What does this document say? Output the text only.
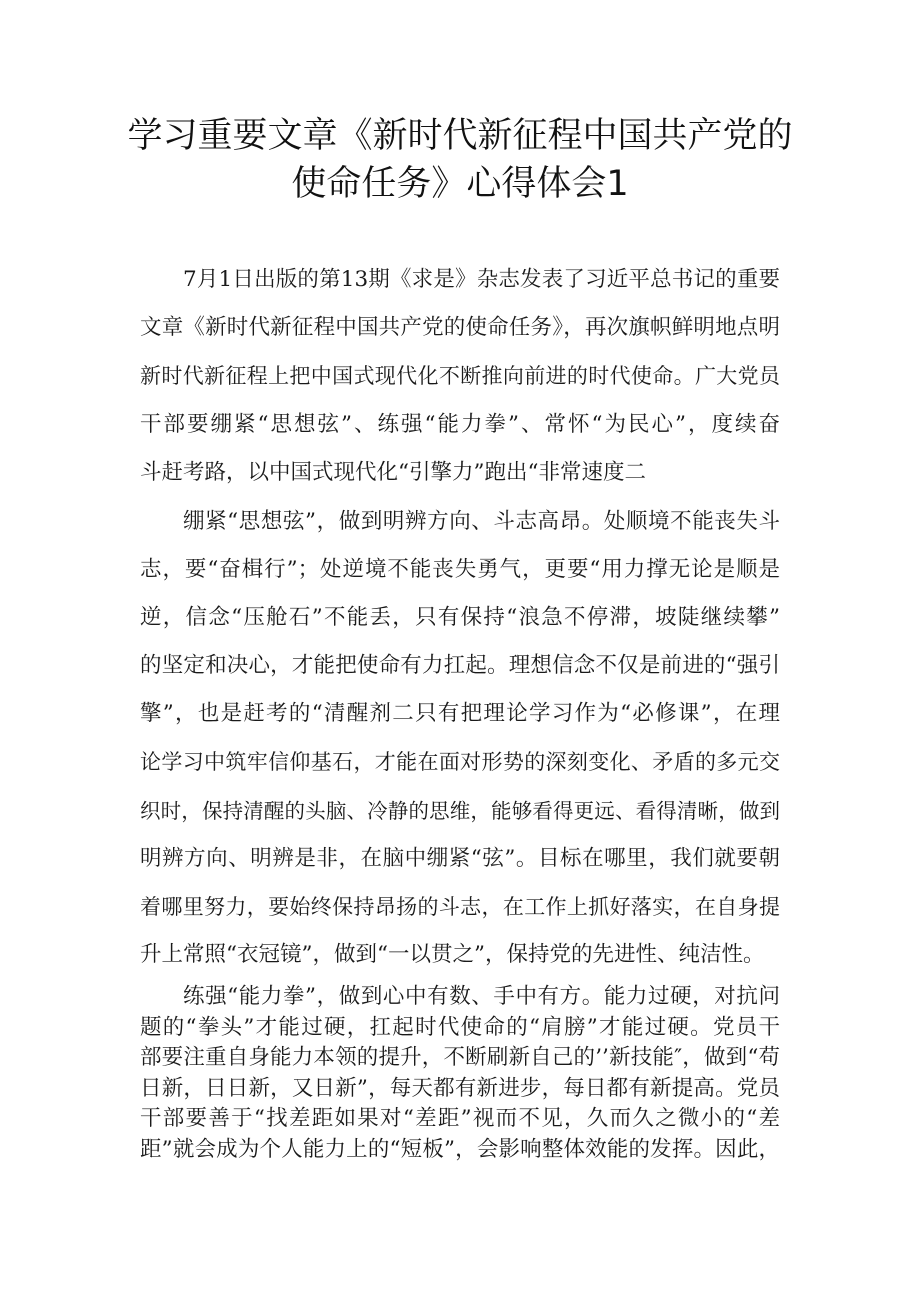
学习重要文章《新时代新征程中国共产党的
使命任务》心得体会1
7月1日出版的第13期《求是》杂志发表了习近平总书记的重要
文章《新时代新征程中国共产党的使命任务》，再次旗帜鲜明地点明
新时代新征程上把中国式现代化不断推向前进的时代使命。广大党员
干部要绷紧“思想弦”、练强“能力拳”、常怀“为民心”，度续奋
斗赶考路，以中国式现代化“引擎力”跑出“非常速度二
绷紧“思想弦”，做到明辨方向、斗志高昂。处顺境不能丧失斗
志，要“奋楫行”；处逆境不能丧失勇气，更要“用力撑无论是顺是
逆，信念“压舱石”不能丢，只有保持“浪急不停滞，坡陡继续攀”
的坚定和决心，才能把使命有力扛起。理想信念不仅是前进的“强引
擎”，也是赶考的“清醒剂二只有把理论学习作为“必修课”，在理
论学习中筑牢信仰基石，才能在面对形势的深刻变化、矛盾的多元交
织时，保持清醒的头脑、冷静的思维，能够看得更远、看得清晰，做到
明辨方向、明辨是非，在脑中绷紧“弦”。目标在哪里，我们就要朝
着哪里努力，要始终保持昂扬的斗志，在工作上抓好落实，在自身提
升上常照“衣冠镜”，做到“一以贯之”，保持党的先进性、纯洁性。
练强“能力拳”，做到心中有数、手中有方。能力过硬，对抗问
题的“拳头”才能过硬，扛起时代使命的“肩膀”才能过硬。党员干
部要注重自身能力本领的提升，不断刷新自己的’’新技能″，做到“苟
日新，日日新，又日新”，每天都有新进步，每日都有新提高。党员
干部要善于“找差距如果对“差距”视而不见，久而久之微小的“差
距”就会成为个人能力上的“短板”，会影响整体效能的发挥。因此，
